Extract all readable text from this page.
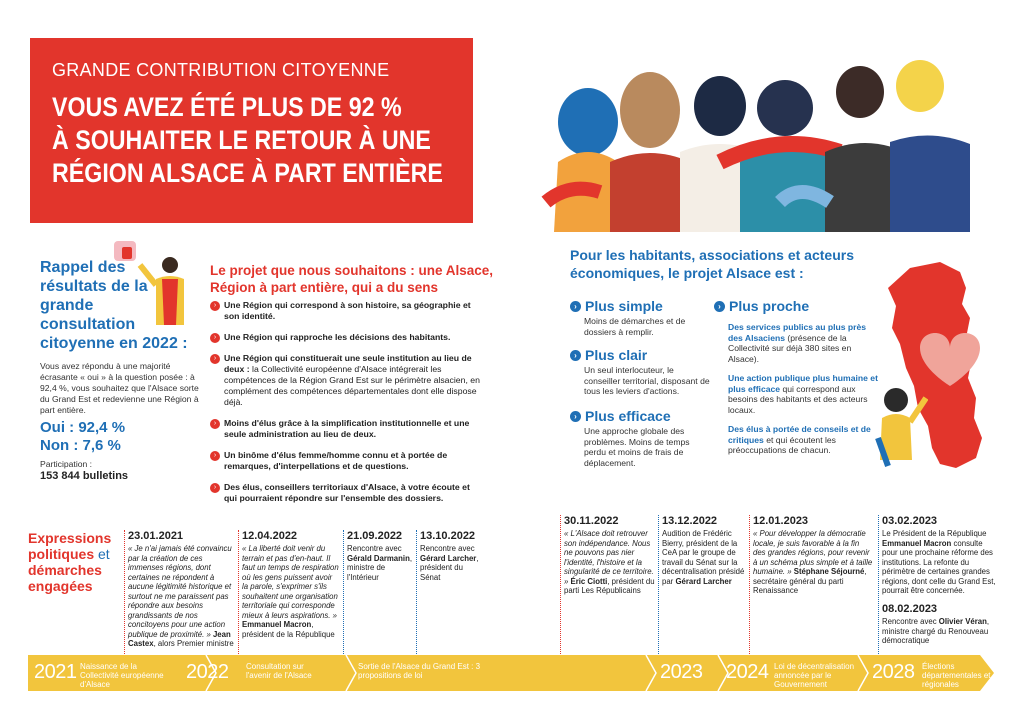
GRANDE CONTRIBUTION CITOYENNE
VOUS AVEZ ÉTÉ PLUS DE 92 %
À SOUHAITER LE RETOUR À UNE
RÉGION ALSACE À PART ENTIÈRE
Rappel des résultats de la grande consultation citoyenne en 2022 :
Vous avez répondu à une majorité écrasante « oui » à la question posée : à 92,4 %, vous souhaitez que l'Alsace sorte du Grand Est et redevienne une Région à part entière.
Oui : 92,4 %
Non : 7,6 %
Participation :
153 844 bulletins
Le projet que nous souhaitons : une Alsace, Région à part entière, qui a du sens
› Une Région qui correspond à son histoire, sa géographie et son identité.
› Une Région qui rapproche les décisions des habitants.
› Une Région qui constituerait une seule institution au lieu de deux : la Collectivité européenne d'Alsace intégrerait les compétences de la Région Grand Est sur le périmètre alsacien, en complément des compétences départementales dont elle dispose déjà.
› Moins d'élus grâce à la simplification institutionnelle et une seule administration au lieu de deux.
› Un binôme d'élus femme/homme connu et à portée de remarques, d'interpellations et de questions.
› Des élus, conseillers territoriaux d'Alsace, à votre écoute et qui pourraient répondre sur l'ensemble des dossiers.
Pour les habitants, associations et acteurs économiques, le projet Alsace est :
› Plus simple
Moins de démarches et de dossiers à remplir.
› Plus clair
Un seul interlocuteur, le conseiller territorial, disposant de tous les leviers d'actions.
› Plus efficace
Une approche globale des problèmes. Moins de temps perdu et moins de frais de déplacement.
› Plus proche
Des services publics au plus près des Alsaciens (présence de la Collectivité sur déjà 380 sites en Alsace).
Une action publique plus humaine et plus efficace qui correspond aux besoins des habitants et des acteurs locaux.
Des élus à portée de conseils et de critiques et qui écoutent les préoccupations de chacun.
Expressions
politiques et
démarches
engagées
23.01.2021
« Je n'ai jamais été convaincu par la création de ces immenses régions, dont certaines ne répondent à aucune légitimité historique et surtout ne me paraissent pas répondre aux besoins grandissants de nos concitoyens pour une action publique de proximité. » Jean Castex, alors Premier ministre
12.04.2022
« La liberté doit venir du terrain et pas d'en-haut. Il faut un temps de respiration où les gens puissent avoir la parole, s'exprimer s'ils souhaitent une organisation territoriale qui corresponde mieux à leurs aspirations. » Emmanuel Macron, président de la République
21.09.2022
Rencontre avec Gérald Darmanin, ministre de l'Intérieur
13.10.2022
Rencontre avec Gérard Larcher, président du Sénat
30.11.2022
« L'Alsace doit retrouver son indépendance. Nous ne pouvons pas nier l'identité, l'histoire et la singularité de ce territoire. » Éric Ciotti, président du parti Les Républicains
13.12.2022
Audition de Frédéric Bierry, président de la CeA par le groupe de travail du Sénat sur la décentralisation présidé par Gérard Larcher
12.01.2023
« Pour développer la démocratie locale, je suis favorable à la fin des grandes régions, pour revenir à un schéma plus simple et à taille humaine. » Stéphane Séjourné, secrétaire général du parti Renaissance
03.02.2023
Le Président de la République Emmanuel Macron consulte pour une prochaine réforme des institutions. La refonte du périmètre de certaines grandes régions, dont celle du Grand Est, pourrait être concernée.
08.02.2023
Rencontre avec Olivier Véran, ministre chargé du Renouveau démocratique
2021 Naissance de la Collectivité européenne d'Alsace
2022 Consultation sur l'avenir de l'Alsace
Sortie de l'Alsace du Grand Est : 3 propositions de loi	2023 2024 Loi de décentralisation annoncée par le Gouvernement
2028 Élections départementales et régionales
